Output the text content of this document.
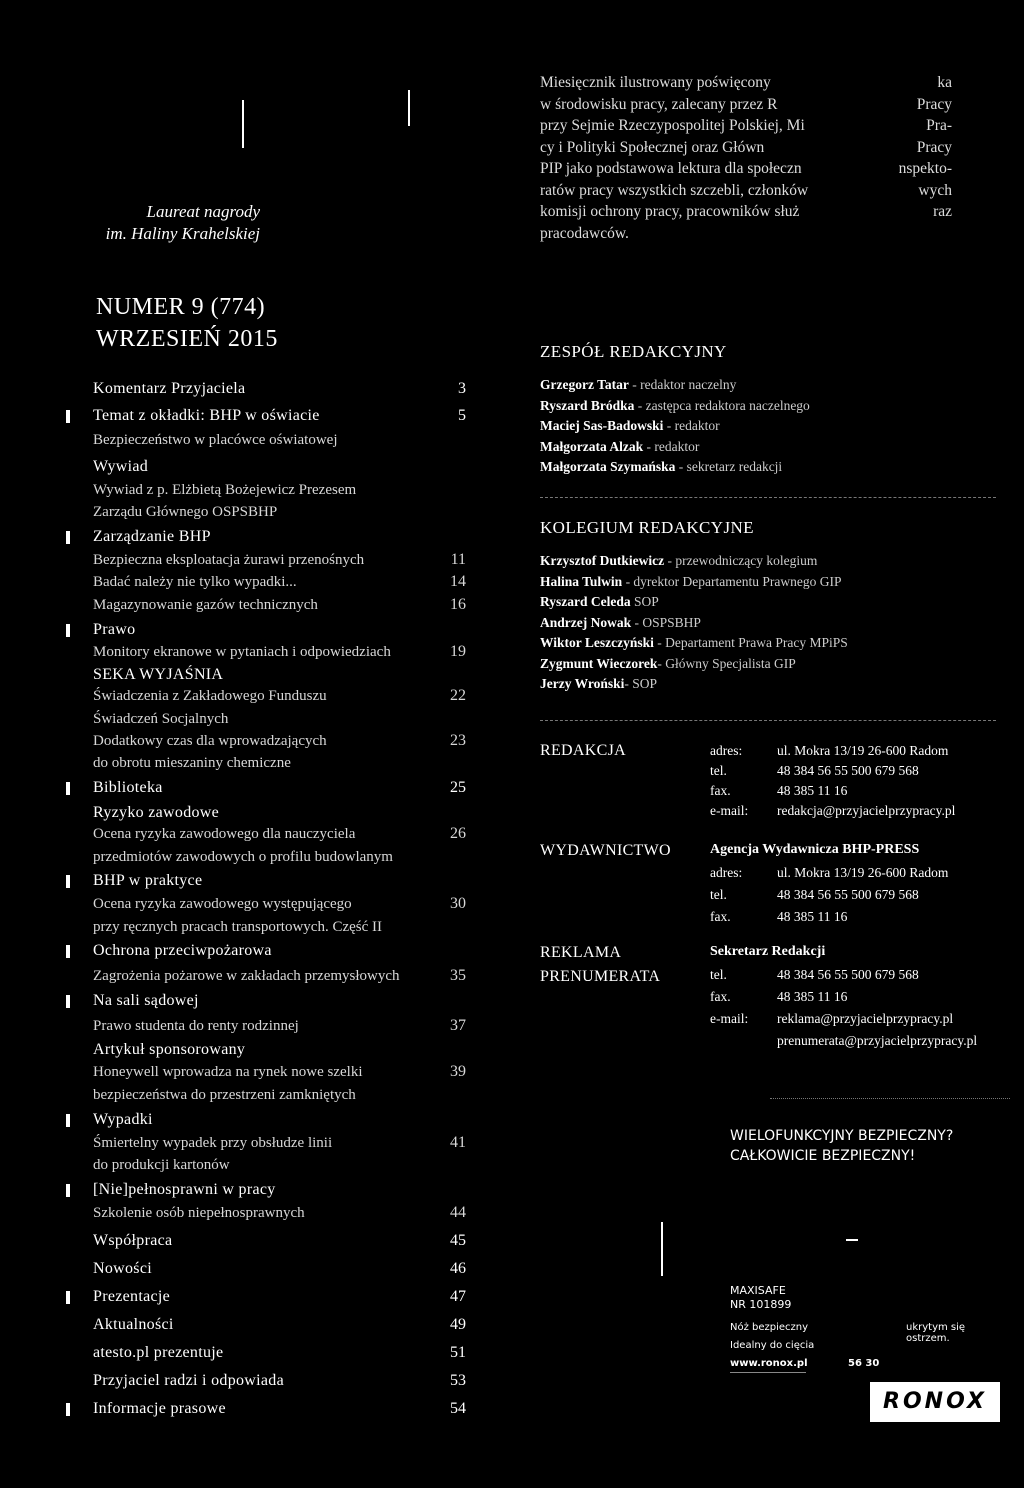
Laureat nagrody
im. Haliny Krahelskiej

Miesięcznik ilustrowany poświęcony

w środowisku pracy, zalecany przez R

przy Sejmie Rzeczypospolitej Polskiej, Mi

cy i Polityki Społecznej oraz Główn

PIP jako podstawowa lektura dla społeczn

ratów pracy wszystkich szczebli, członków

komisji ochrony pracy, pracowników służ

pracodawców.

ka
Pracy
Pra-
Pracy
nspekto-
wych
raz
NUMER 9 (774)
WRZESIEŃ 2015
Komentarz Przyjaciela	3
Temat z okładki: BHP w oświacie	5
Bezpieczeństwo w placówce oświatowej
Wywiad
Wywiad z p. Elżbietą Bożejewicz Prezesem
Zarządu Głównego OSPSBHP
Zarządzanie BHP
Bezpieczna eksploatacja żurawi przenośnych	11
Badać należy nie tylko wypadki...	14
Magazynowanie gazów technicznych	16
Prawo
Monitory ekranowe w pytaniach i odpowiedziach	19
SEKA WYJAŚNIA
Świadczenia z Zakładowego Funduszu	22
Świadczeń Socjalnych
Dodatkowy czas dla wprowadzających	23
do obrotu mieszaniny chemiczne
Biblioteka	25
Ryzyko zawodowe
Ocena ryzyka zawodowego dla nauczyciela	26
przedmiotów zawodowych o profilu budowlanym
BHP w praktyce
Ocena ryzyka zawodowego występującego	30
przy ręcznych pracach transportowych. Część II
Ochrona przeciwpożarowa
Zagrożenia pożarowe w zakładach przemysłowych	35
Na sali sądowej
Prawo studenta do renty rodzinnej	37
Artykuł sponsorowany
Honeywell wprowadza na rynek nowe szelki	39
bezpieczeństwa do przestrzeni zamkniętych
Wypadki
Śmiertelny wypadek przy obsłudze linii	41
do produkcji kartonów
[Nie]pełnosprawni w pracy
Szkolenie osób niepełnosprawnych	44
Współpraca	45
Nowości	46
Prezentacje	47
Aktualności	49
atesto.pl prezentuje	51
Przyjaciel radzi i odpowiada	53
Informacje prasowe	54
ZESPÓŁ REDAKCYJNY
Grzegorz Tatar - redaktor naczelny
Ryszard Bródka - zastępca redaktora naczelnego
Maciej Sas-Badowski - redaktor
Małgorzata Alzak - redaktor
Małgorzata Szymańska - sekretarz redakcji
KOLEGIUM REDAKCYJNE
Krzysztof Dutkiewicz - przewodniczący kolegium
Halina Tulwin - dyrektor Departamentu Prawnego GIP
Ryszard Celeda SOP
Andrzej Nowak - OSPSBHP
Wiktor Leszczyński - Departament Prawa Pracy MPiPS
Zygmunt Wieczorek- Główny Specjalista GIP
Jerzy Wroński- SOP
REDAKCJA	adres:	ul. Mokra 13/19 26-600 Radom
tel.	48 384 56 55 500 679 568
fax.	48 385 11 16
e-mail: redakcja@przyjacielprzypracy.pl
WYDAWNICTWO	Agencja Wydawnicza BHP-PRESS
adres:	ul. Mokra 13/19 26-600 Radom
tel.	48 384 56 55 500 679 568
fax.	48 385 11 16
REKLAMA
PRENUMERATA
Sekretarz Redakcji
tel.	48 384 56 55 500 679 568
fax.	48 385 11 16
e-mail: reklama@przyjacielprzypracy.pl
prenumerata@przyjacielprzypracy.pl
WIELOFUNKCYJNY BEZPIECZNY?
CAŁKOWICIE BEZPIECZNY!
MAXISAFE
NR 101899
Nóż bezpieczny	ukrytym się ostrzem.
Idealny do cięcia
www.ronox.pl	56 30
RONOX
